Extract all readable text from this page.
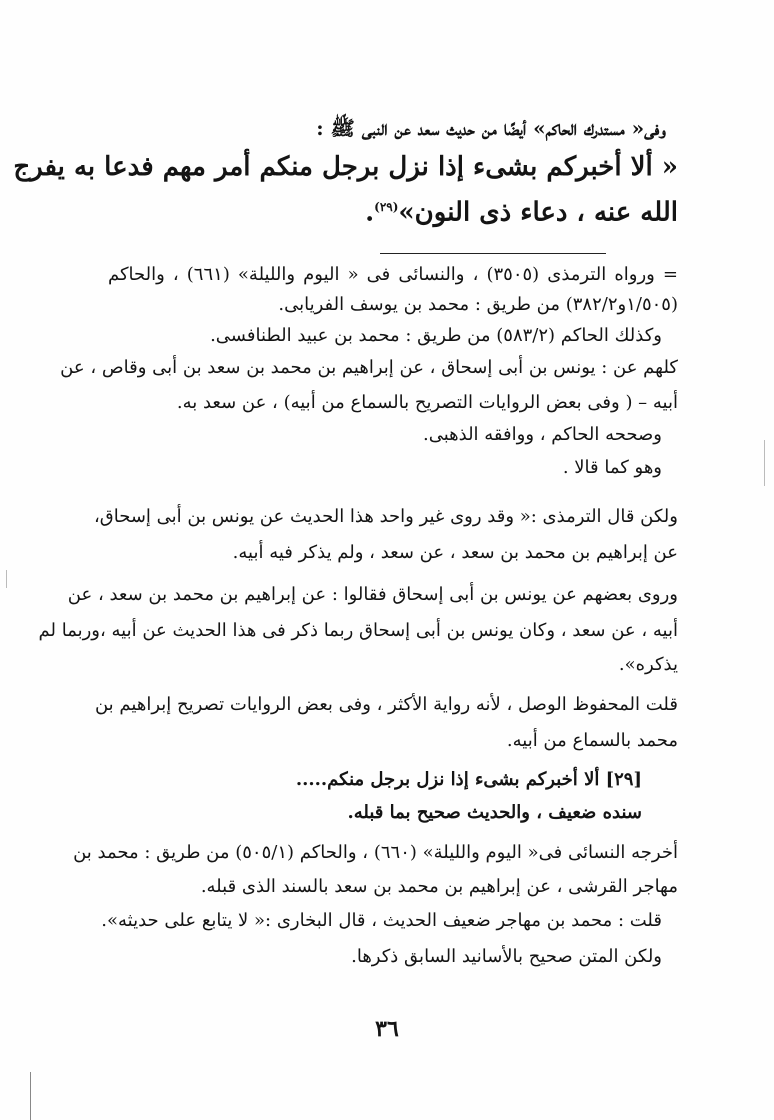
وفى« مستدرك الحاكم» أيضًا من حديث سعد عن النبى ﷺ :
« ألا أخبركم بشىء إذا نزل برجل منكم أمر مهم فدعا به يفرج
الله عنه ، دعاء ذى النون»$^{(٢٩)}$.
= ورواه الترمذى (٣٥٠٥) ، والنسائى فى « اليوم والليلة» (٦٦١) ، والحاكم
(١/٥٠٥و٣٨٢/٢) من طريق : محمد بن يوسف الفريابى.
وكذلك الحاكم (٥٨٣/٢) من طريق : محمد بن عبيد الطنافسى.
كلهم عن : يونس بن أبى إسحاق ، عن إبراهيم بن محمد بن سعد بن أبى وقاص ، عن
أبيه – ( وفى بعض الروايات التصريح بالسماع من أبيه) ، عن سعد به.
وصححه الحاكم ، ووافقه الذهبى.
وهو كما قالا .
ولكن قال الترمذى :« وقد روى غير واحد هذا الحديث عن يونس بن أبى إسحاق،
عن إبراهيم بن محمد بن سعد ، عن سعد ، ولم يذكر فيه أبيه.
وروى بعضهم عن يونس بن أبى إسحاق فقالوا : عن إبراهيم بن محمد بن سعد ، عن
أبيه ، عن سعد ، وكان يونس بن أبى إسحاق ربما ذكر فى هذا الحديث عن أبيه ،وربما لم
يذكره».
قلت المحفوظ الوصل ، لأنه رواية الأكثر ، وفى بعض الروايات تصريح إبراهيم بن
محمد بالسماع من أبيه.
[٢٩] ألا أخبركم بشىء إذا نزل برجل منكم.....
سنده ضعيف ، والحديث صحيح بما قبله.
أخرجه النسائى فى« اليوم والليلة» (٦٦٠) ، والحاكم (٥٠٥/١) من طريق : محمد بن
مهاجر القرشى ، عن إبراهيم بن محمد بن سعد بالسند الذى قبله.
قلت : محمد بن مهاجر ضعيف الحديث ، قال البخارى :« لا يتابع على حديثه».
ولكن المتن صحيح بالأسانيد السابق ذكرها.
٣٦
